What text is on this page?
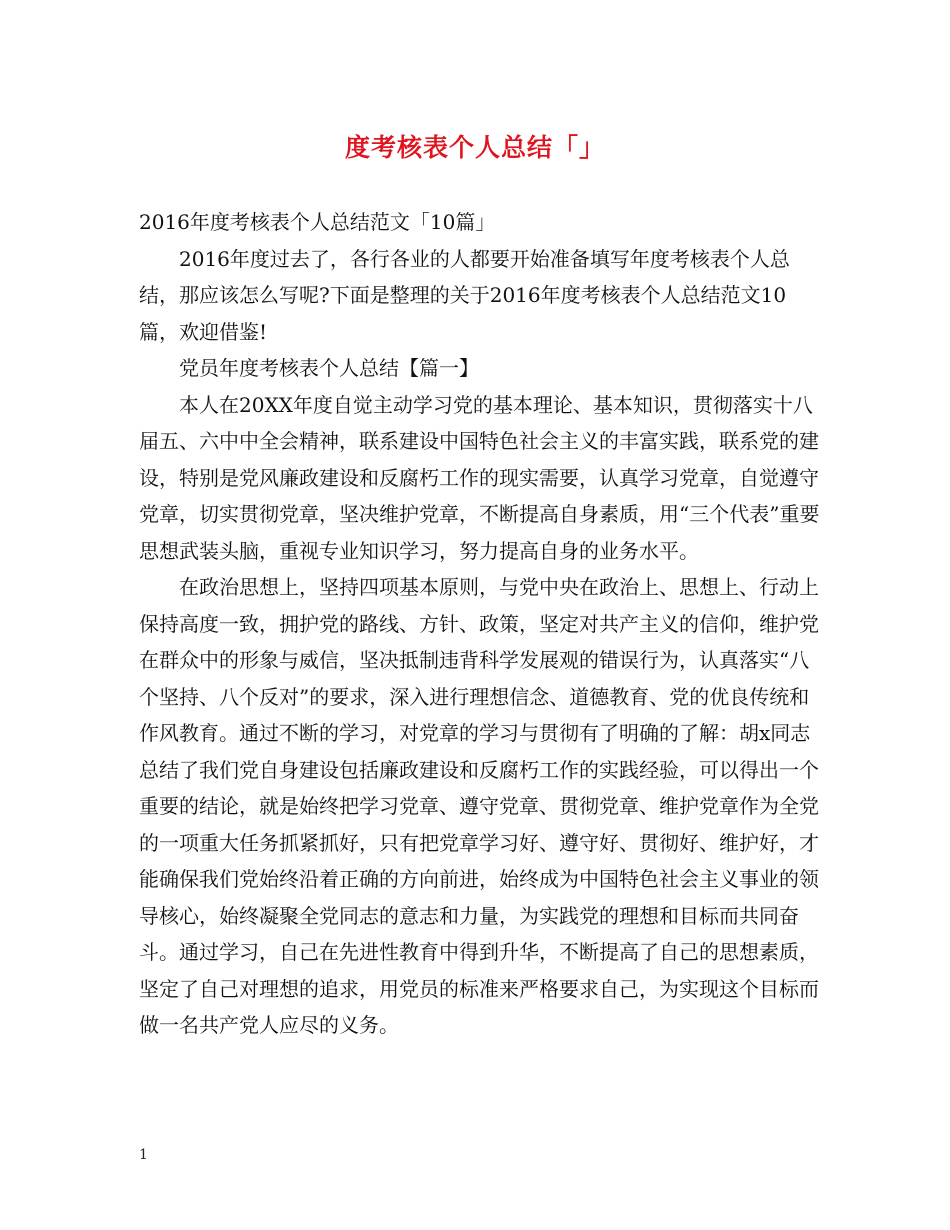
度考核表个人总结「」

2016年度考核表个人总结范文「10篇」

2016年度过去了，各行各业的人都要开始准备填写年度考核表个人总结，那应该怎么写呢?下面是整理的关于2016年度考核表个人总结范文10篇，欢迎借鉴!

党员年度考核表个人总结【篇一】

本人在20XX年度自觉主动学习党的基本理论、基本知识，贯彻落实十八届五、六中中全会精神，联系建设中国特色社会主义的丰富实践，联系党的建设，特别是党风廉政建设和反腐朽工作的现实需要，认真学习党章，自觉遵守党章，切实贯彻党章，坚决维护党章，不断提高自身素质，用“三个代表”重要思想武装头脑，重视专业知识学习，努力提高自身的业务水平。

在政治思想上，坚持四项基本原则，与党中央在政治上、思想上、行动上保持高度一致，拥护党的路线、方针、政策，坚定对共产主义的信仰，维护党在群众中的形象与威信，坚决抵制违背科学发展观的错误行为，认真落实“八个坚持、八个反对”的要求，深入进行理想信念、道德教育、党的优良传统和作风教育。通过不断的学习，对党章的学习与贯彻有了明确的了解：胡x同志总结了我们党自身建设包括廉政建设和反腐朽工作的实践经验，可以得出一个重要的结论，就是始终把学习党章、遵守党章、贯彻党章、维护党章作为全党的一项重大任务抓紧抓好，只有把党章学习好、遵守好、贯彻好、维护好，才能确保我们党始终沿着正确的方向前进，始终成为中国特色社会主义事业的领导核心，始终凝聚全党同志的意志和力量，为实践党的理想和目标而共同奋斗。通过学习，自己在先进性教育中得到升华，不断提高了自己的思想素质，坚定了自己对理想的追求，用党员的标准来严格要求自己，为实现这个目标而做一名共产党人应尽的义务。

1
